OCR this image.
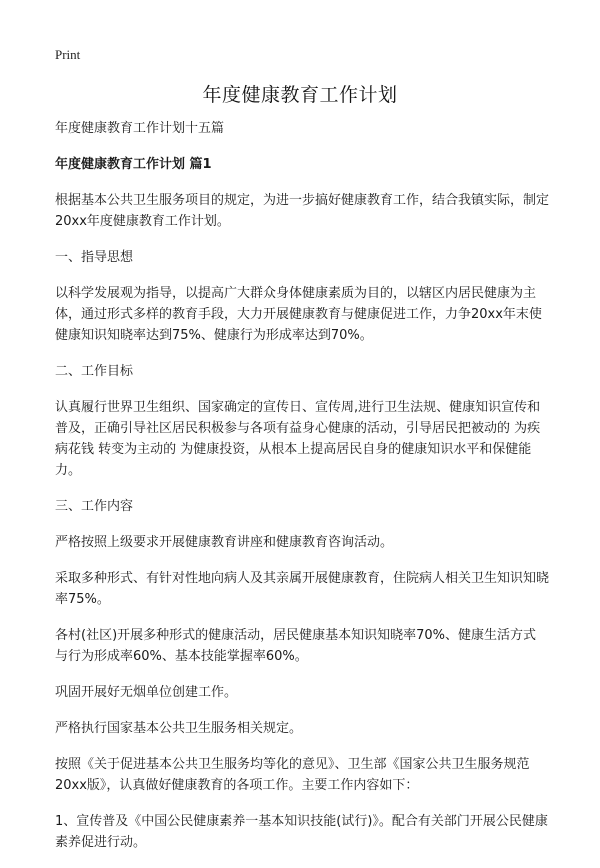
Print
年度健康教育工作计划

年度健康教育工作计划十五篇

年度健康教育工作计划 篇1

根据基本公共卫生服务项目的规定，为进一步搞好健康教育工作，结合我镇实际，制定20xx年度健康教育工作计划。

一、指导思想

以科学发展观为指导，以提高广大群众身体健康素质为目的，以辖区内居民健康为主体，通过形式多样的教育手段，大力开展健康教育与健康促进工作，力争20xx年末使健康知识知晓率达到75%、健康行为形成率达到70%。

二、工作目标

认真履行世界卫生组织、国家确定的宣传日、宣传周,进行卫生法规、健康知识宣传和普及，正确引导社区居民积极参与各项有益身心健康的活动，引导居民把被动的 为疾病花钱 转变为主动的 为健康投资，从根本上提高居民自身的健康知识水平和保健能力。

三、工作内容

严格按照上级要求开展健康教育讲座和健康教育咨询活动。

采取多种形式、有针对性地向病人及其亲属开展健康教育，住院病人相关卫生知识知晓率75%。

各村(社区)开展多种形式的健康活动，居民健康基本知识知晓率70%、健康生活方式与行为形成率60%、基本技能掌握率60%。

巩固开展好无烟单位创建工作。

严格执行国家基本公共卫生服务相关规定。

按照《关于促进基本公共卫生服务均等化的意见》、卫生部《国家公共卫生服务规范20xx版》，认真做好健康教育的各项工作。主要工作内容如下：

1、宣传普及《中国公民健康素养一基本知识技能(试行)》。配合有关部门开展公民健康素养促进行动。
